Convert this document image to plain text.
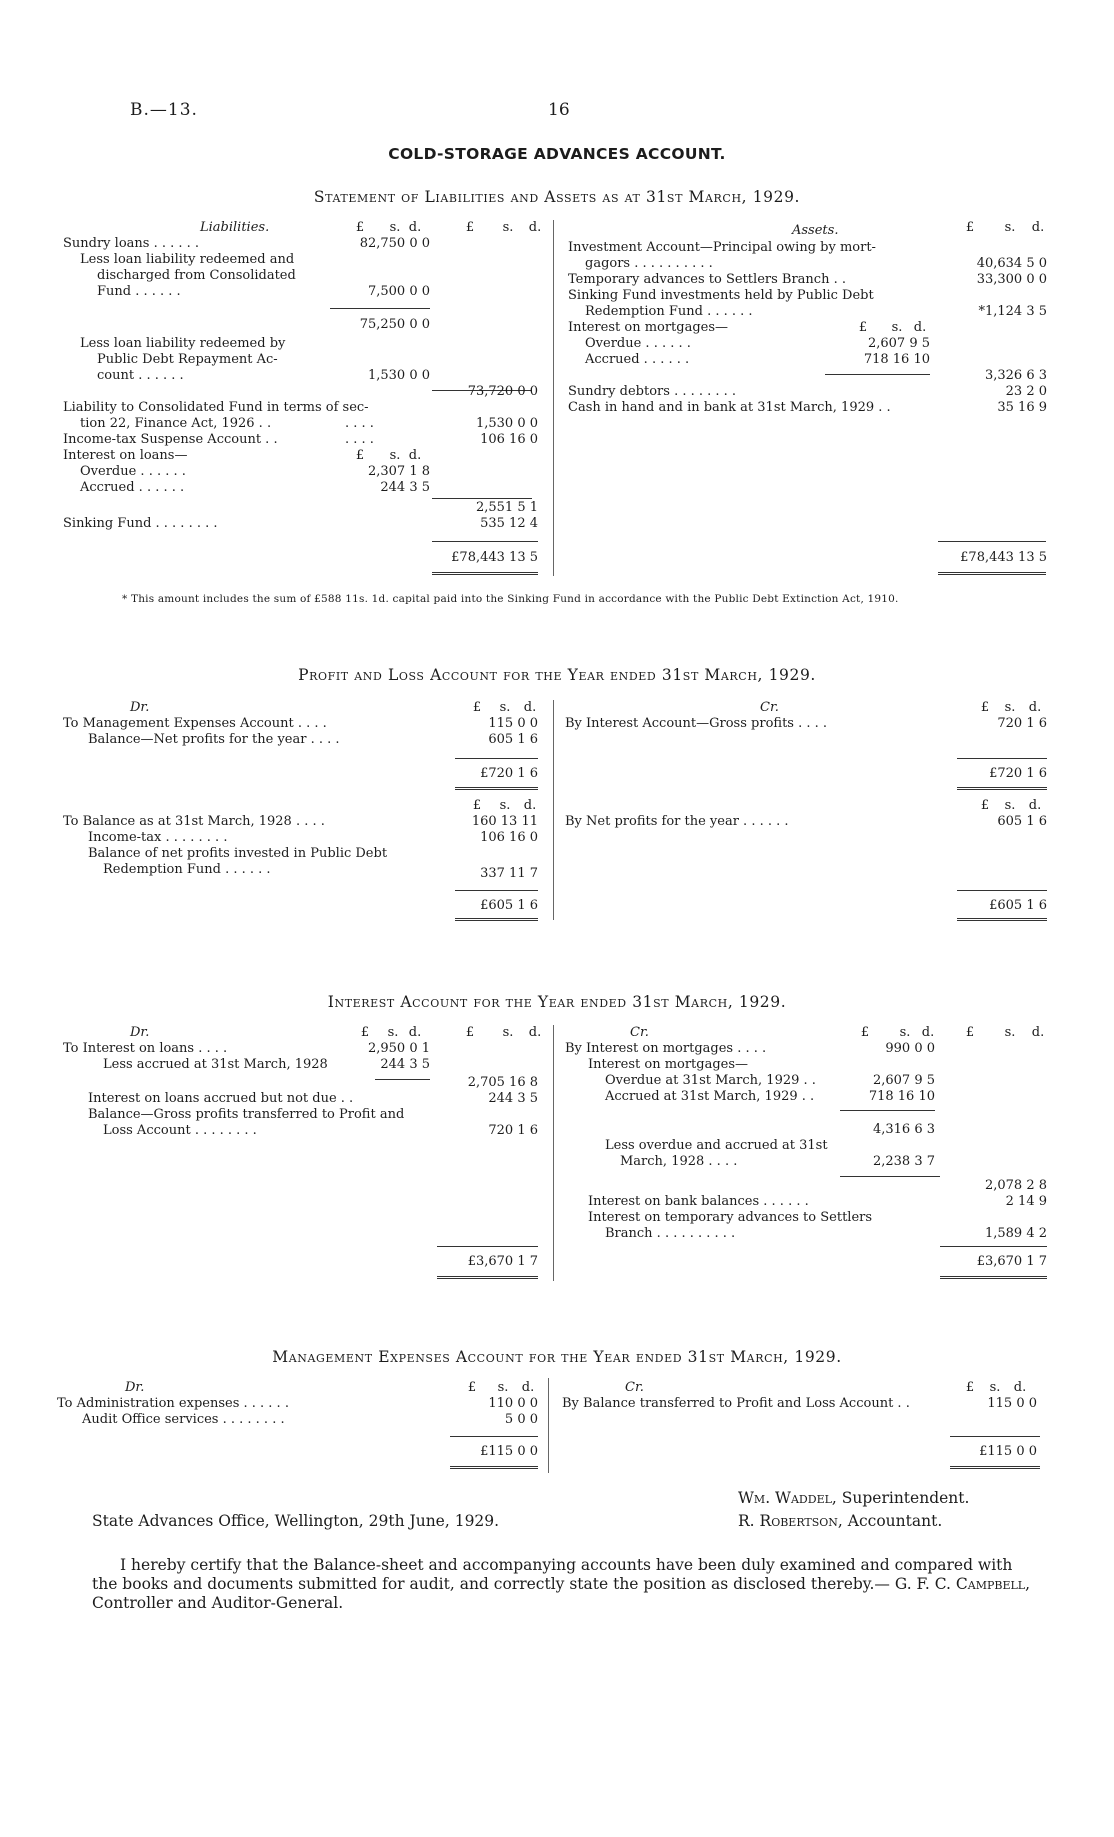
B.—13.	16
COLD-STORAGE ADVANCES ACCOUNT.
Statement of Liabilities and Assets as at 31st March, 1929.
Liabilities.	£	s. d.	£	s.	d.
Sundry loans . . . . . .	82,750 0 0
Less loan liability redeemed and
discharged from Consolidated
Fund . . . . . .	7,500 0 0
75,250 0 0
Less loan liability redeemed by
Public Debt Repayment Ac-
count . . . . . .	1,530 0 0
73,720 0 0
Liability to Consolidated Fund in terms of sec-
tion 22, Finance Act, 1926 . .	. . . .	1,530 0 0
Income-tax Suspense Account . .	. . . .	106 16 0
Interest on loans—	£	s. d.
Overdue . . . . . .	2,307 1 8
Accrued . . . . . .	244 3 5
2,551 5 1
Sinking Fund . . . . . . . .	535 12 4
£78,443 13 5
Assets.	£	s.	d.
Investment Account—Principal owing by mort-
gagors . . . . . . . . . .	40,634 5 0
Temporary advances to Settlers Branch . .	33,300 0 0
Sinking Fund investments held by Public Debt
Redemption Fund . . . . . .	*1,124 3 5
Interest on mortgages—	£	s. d.
Overdue . . . . . .	2,607 9 5
Accrued . . . . . .	718 16 10
3,326 6 3
Sundry debtors . . . . . . . .	23 2 0
Cash in hand and in bank at 31st March, 1929 . .	35 16 9
£78,443 13 5
* This amount includes the sum of £588 11s. 1d. capital paid into the Sinking Fund in accordance with the Public Debt Extinction Act, 1910.
Profit and Loss Account for the Year ended 31st March, 1929.
Dr.	£	s.	d.
To Management Expenses Account . . . .	115 0 0
Balance—Net profits for the year . . . .	605 1 6
£720 1 6
Cr.	£	s.	d.
By Interest Account—Gross profits . . . .	720 1 6
£720 1 6
£	s.	d.
To Balance as at 31st March, 1928 . . . .	160 13 11
Income-tax . . . . . . . .	106 16 0
Balance of net profits invested in Public Debt
Redemption Fund . . . . . .	337 11 7
£605 1 6
£	s.	d.
By Net profits for the year . . . . . .	605 1 6
£605 1 6
Interest Account for the Year ended 31st March, 1929.
Dr.	£	s. d.	£	s.	d.
To Interest on loans . . . .	2,950 0 1
Less accrued at 31st March, 1928	244 3 5
2,705 16 8
Interest on loans accrued but not due . .	244 3 5
Balance—Gross profits transferred to Profit and
Loss Account . . . . . . . .	720 1 6
£3,670 1 7
Cr.	£	s. d.	£	s.	d.
By Interest on mortgages . . . .	990 0 0
Interest on mortgages—
Overdue at 31st March, 1929 . .	2,607 9 5
Accrued at 31st March, 1929 . .	718 16 10
4,316 6 3
Less overdue and accrued at 31st
March, 1928 . . . .	2,238 3 7
2,078 2 8
Interest on bank balances . . . . . .	2 14 9
Interest on temporary advances to Settlers
Branch . . . . . . . . . .	1,589 4 2
£3,670 1 7
Management Expenses Account for the Year ended 31st March, 1929.
Dr.	£	s.	d.
To Administration expenses . . . . . .	110 0 0
Audit Office services . . . . . . . .	5 0 0
£115 0 0
Cr.	£	s.	d.
By Balance transferred to Profit and Loss Account . .	115 0 0
£115 0 0
State Advances Office, Wellington, 29th June, 1929.
Wm. Waddel, Superintendent.
R. Robertson, Accountant.
I hereby certify that the Balance-sheet and accompanying accounts have been duly examined and compared with the books and documents submitted for audit, and correctly state the position as disclosed thereby.— G. F. C. Campbell, Controller and Auditor-General.
